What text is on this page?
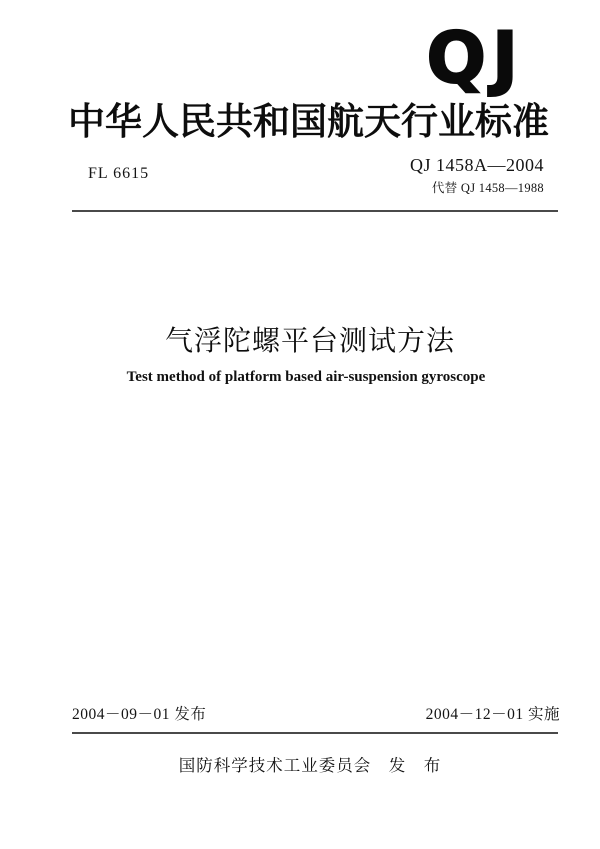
QJ
中华人民共和国航天行业标准
FL 6615	QJ 1458A—2004
代替 QJ 1458—1988
气浮陀螺平台测试方法
Test method of platform based air-suspension gyroscope
2004－09－01 发布	2004－12－01 实施
国防科学技术工业委员会　发　布
